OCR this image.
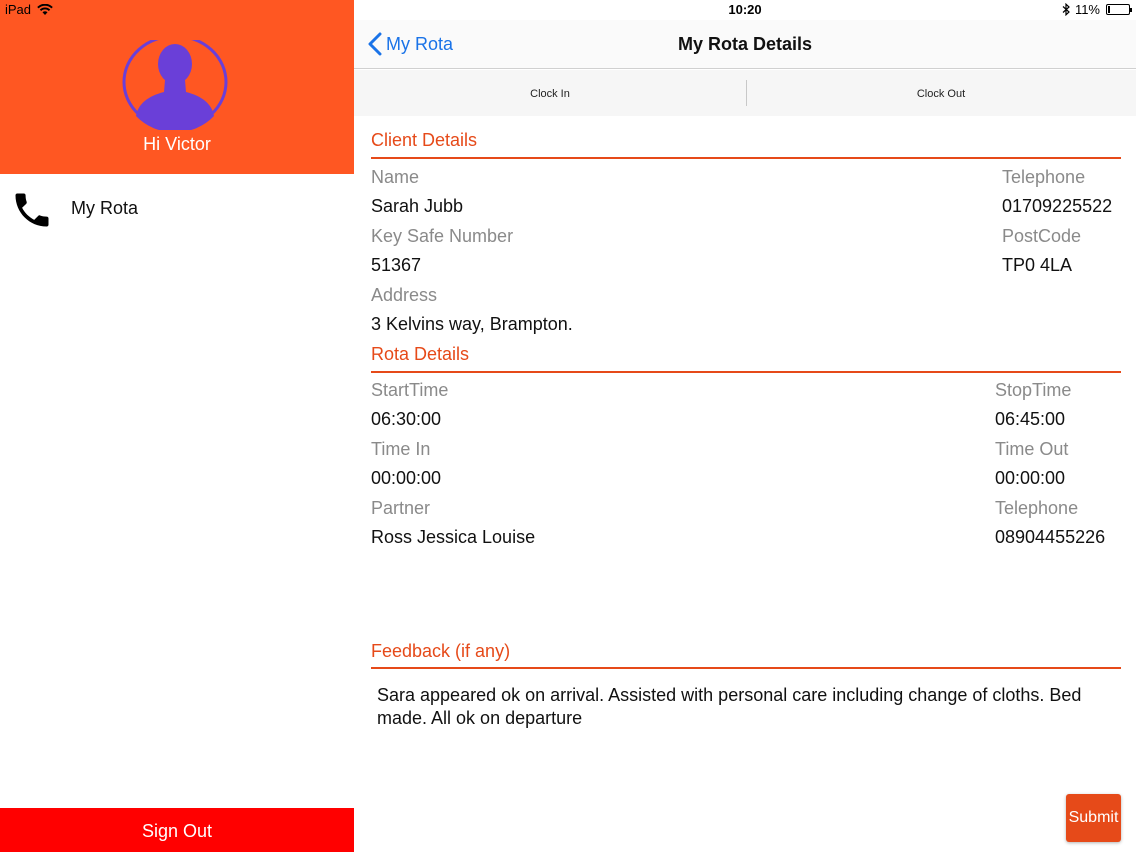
iPad
Hi Victor
My Rota
Sign Out
10:20	11%
My Rota	My Rota Details
Clock In	Clock Out
Client Details
Name	Telephone
Sarah Jubb	01709225522
Key Safe Number	PostCode
51367	TP0 4LA
Address
3 Kelvins way, Brampton.
Rota Details
StartTime	StopTime
06:30:00	06:45:00
Time In	Time Out
00:00:00	00:00:00
Partner	Telephone
Ross Jessica Louise	08904455226
Feedback (if any)
Sara appeared ok on arrival. Assisted with personal care including change of cloths. Bed made. All ok on departure
Submit
